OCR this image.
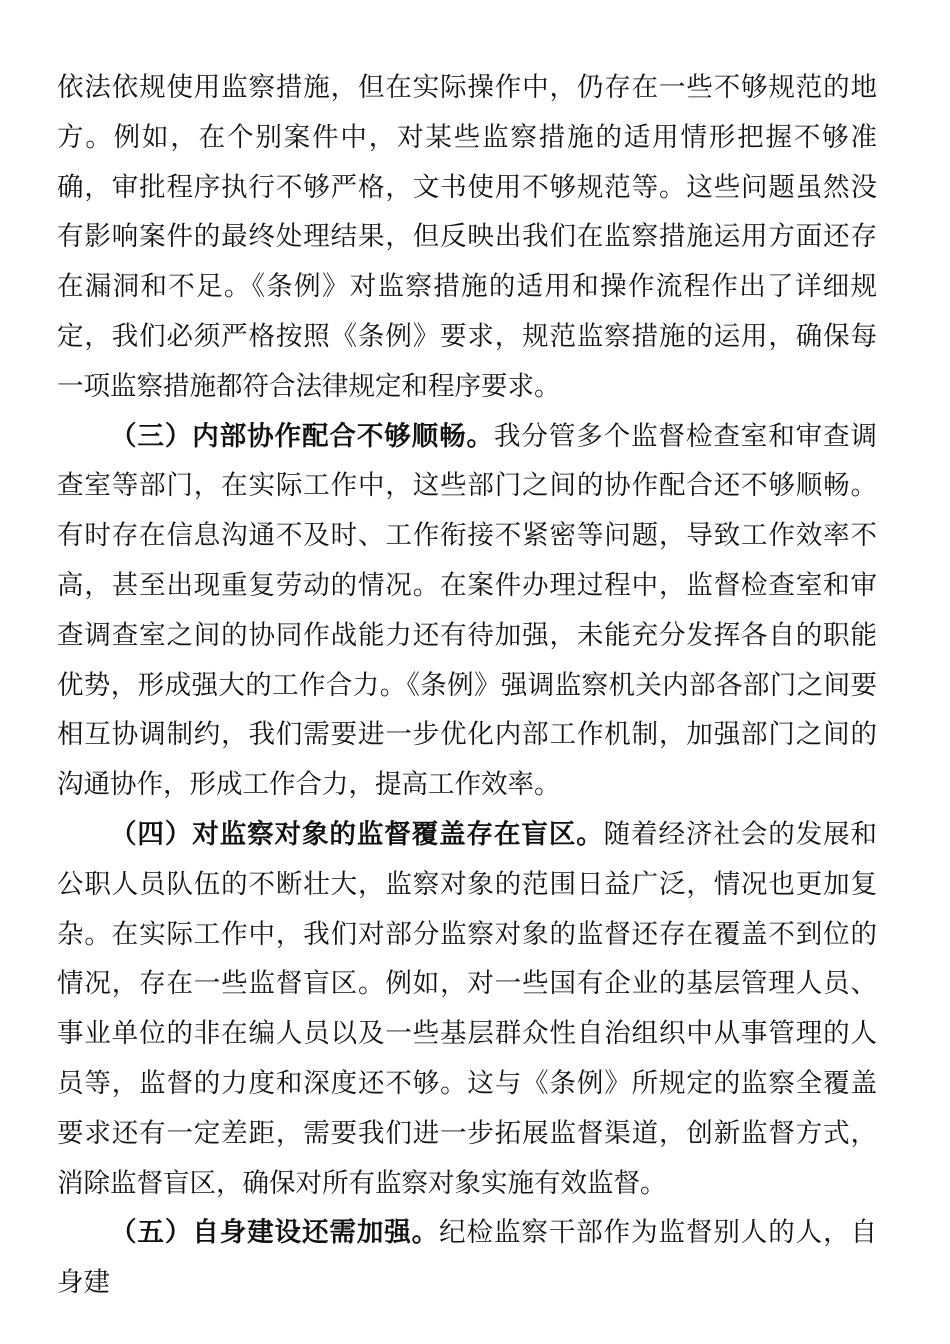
依法依规使用监察措施，但在实际操作中，仍存在一些不够规范的地方。例如，在个别案件中，对某些监察措施的适用情形把握不够准确，审批程序执行不够严格，文书使用不够规范等。这些问题虽然没有影响案件的最终处理结果，但反映出我们在监察措施运用方面还存在漏洞和不足。《条例》对监察措施的适用和操作流程作出了详细规定，我们必须严格按照《条例》要求，规范监察措施的运用，确保每一项监察措施都符合法律规定和程序要求。

（三）内部协作配合不够顺畅。我分管多个监督检查室和审查调查室等部门，在实际工作中，这些部门之间的协作配合还不够顺畅。有时存在信息沟通不及时、工作衔接不紧密等问题，导致工作效率不高，甚至出现重复劳动的情况。在案件办理过程中，监督检查室和审查调查室之间的协同作战能力还有待加强，未能充分发挥各自的职能优势，形成强大的工作合力。《条例》强调监察机关内部各部门之间要相互协调制约，我们需要进一步优化内部工作机制，加强部门之间的沟通协作，形成工作合力，提高工作效率。

（四）对监察对象的监督覆盖存在盲区。随着经济社会的发展和公职人员队伍的不断壮大，监察对象的范围日益广泛，情况也更加复杂。在实际工作中，我们对部分监察对象的监督还存在覆盖不到位的情况，存在一些监督盲区。例如，对一些国有企业的基层管理人员、事业单位的非在编人员以及一些基层群众性自治组织中从事管理的人员等，监督的力度和深度还不够。这与《条例》所规定的监察全覆盖要求还有一定差距，需要我们进一步拓展监督渠道，创新监督方式，消除监督盲区，确保对所有监察对象实施有效监督。

（五）自身建设还需加强。纪检监察干部作为监督别人的人，自身建
